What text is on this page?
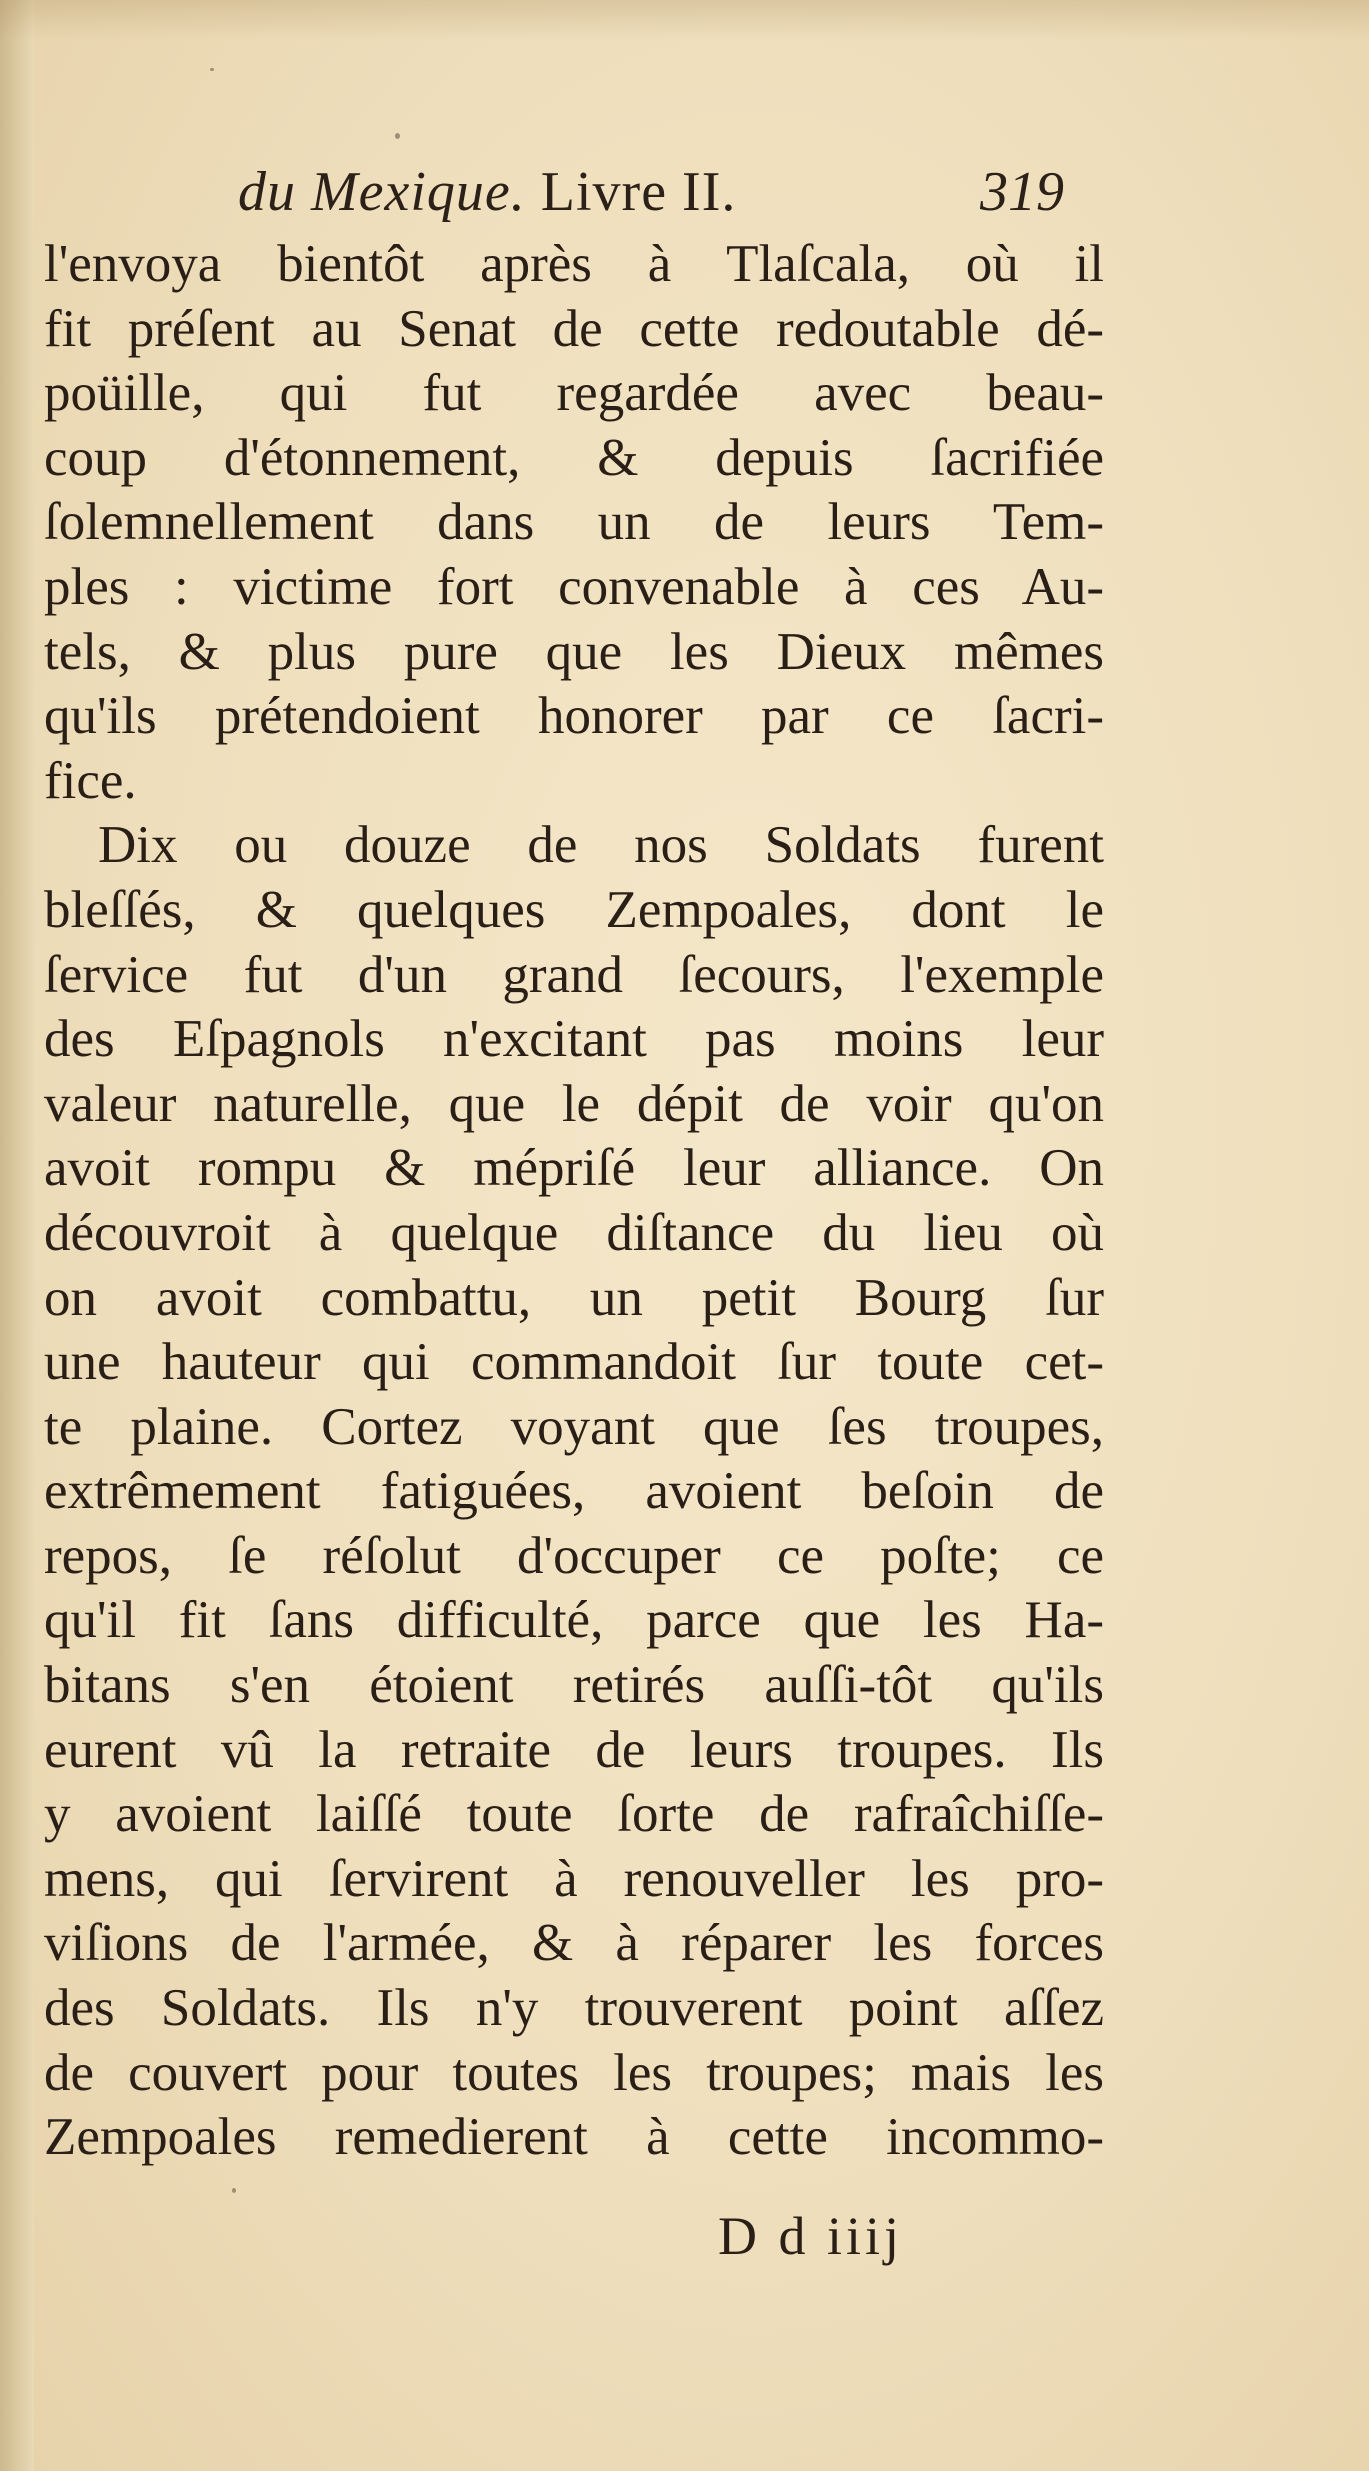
du Mexique. Livre II.	319
l'envoya bientôt après à Tlaſcala, où il
fit préſent au Senat de cette redoutable dé-
poüille, qui fut regardée avec beau-
coup d'étonnement, & depuis ſacrifiée
ſolemnellement dans un de leurs Tem-
ples : victime fort convenable à ces Au-
tels, & plus pure que les Dieux mêmes
qu'ils prétendoient honorer par ce ſacri-
fice.
Dix ou douze de nos Soldats furent
bleſſés, & quelques Zempoales, dont le
ſervice fut d'un grand ſecours, l'exemple
des Eſpagnols n'excitant pas moins leur
valeur naturelle, que le dépit de voir qu'on
avoit rompu & mépriſé leur alliance. On
découvroit à quelque diſtance du lieu où
on avoit combattu, un petit Bourg ſur
une hauteur qui commandoit ſur toute cet-
te plaine. Cortez voyant que ſes troupes,
extrêmement fatiguées, avoient beſoin de
repos, ſe réſolut d'occuper ce poſte; ce
qu'il fit ſans difficulté, parce que les Ha-
bitans s'en étoient retirés auſſi-tôt qu'ils
eurent vû la retraite de leurs troupes. Ils
y avoient laiſſé toute ſorte de rafraîchiſſe-
mens, qui ſervirent à renouveller les pro-
viſions de l'armée, & à réparer les forces
des Soldats. Ils n'y trouverent point aſſez
de couvert pour toutes les troupes; mais les
Zempoales remedierent à cette incommo-
D d iiij
